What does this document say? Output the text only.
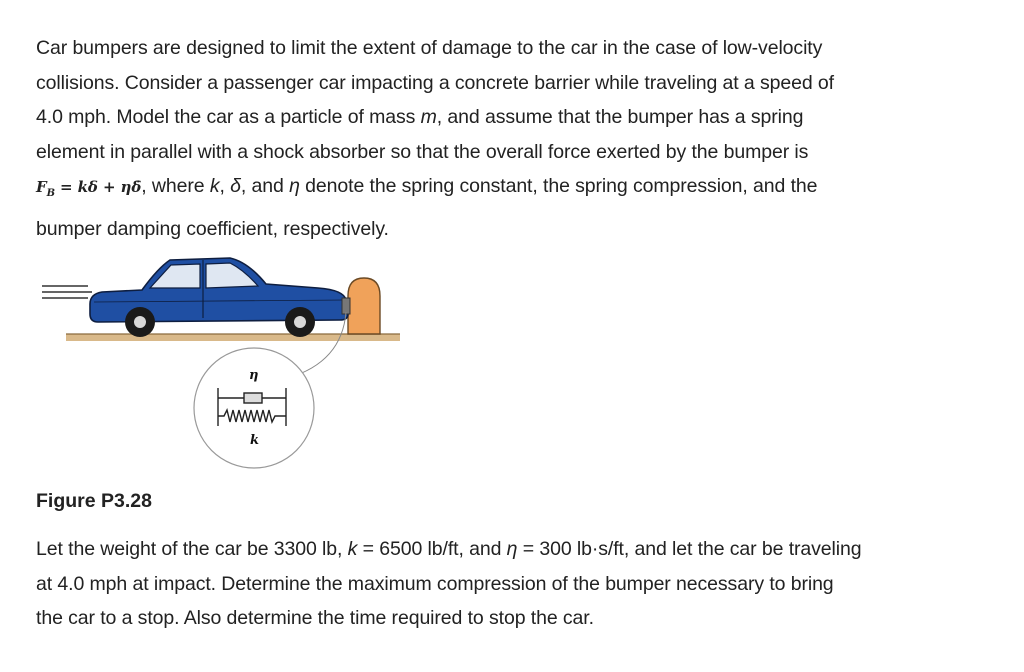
Car bumpers are designed to limit the extent of damage to the car in the case of low-velocity
collisions. Consider a passenger car impacting a concrete barrier while traveling at a speed of
4.0 mph. Model the car as a particle of mass m, and assume that the bumper has a spring
element in parallel with a shock absorber so that the overall force exerted by the bumper is
$F_B = k\delta$ + ηδ̇, where k, δ, and η denote the spring constant, the spring compression, and the
bumper damping coefficient, respectively.

η
k

Figure P3.28

Let the weight of the car be 3300 lb, k = 6500 lb/ft, and η = 300 lb·s/ft, and let the car be traveling
at 4.0 mph at impact. Determine the maximum compression of the bumper necessary to bring
the car to a stop. Also determine the time required to stop the car.
